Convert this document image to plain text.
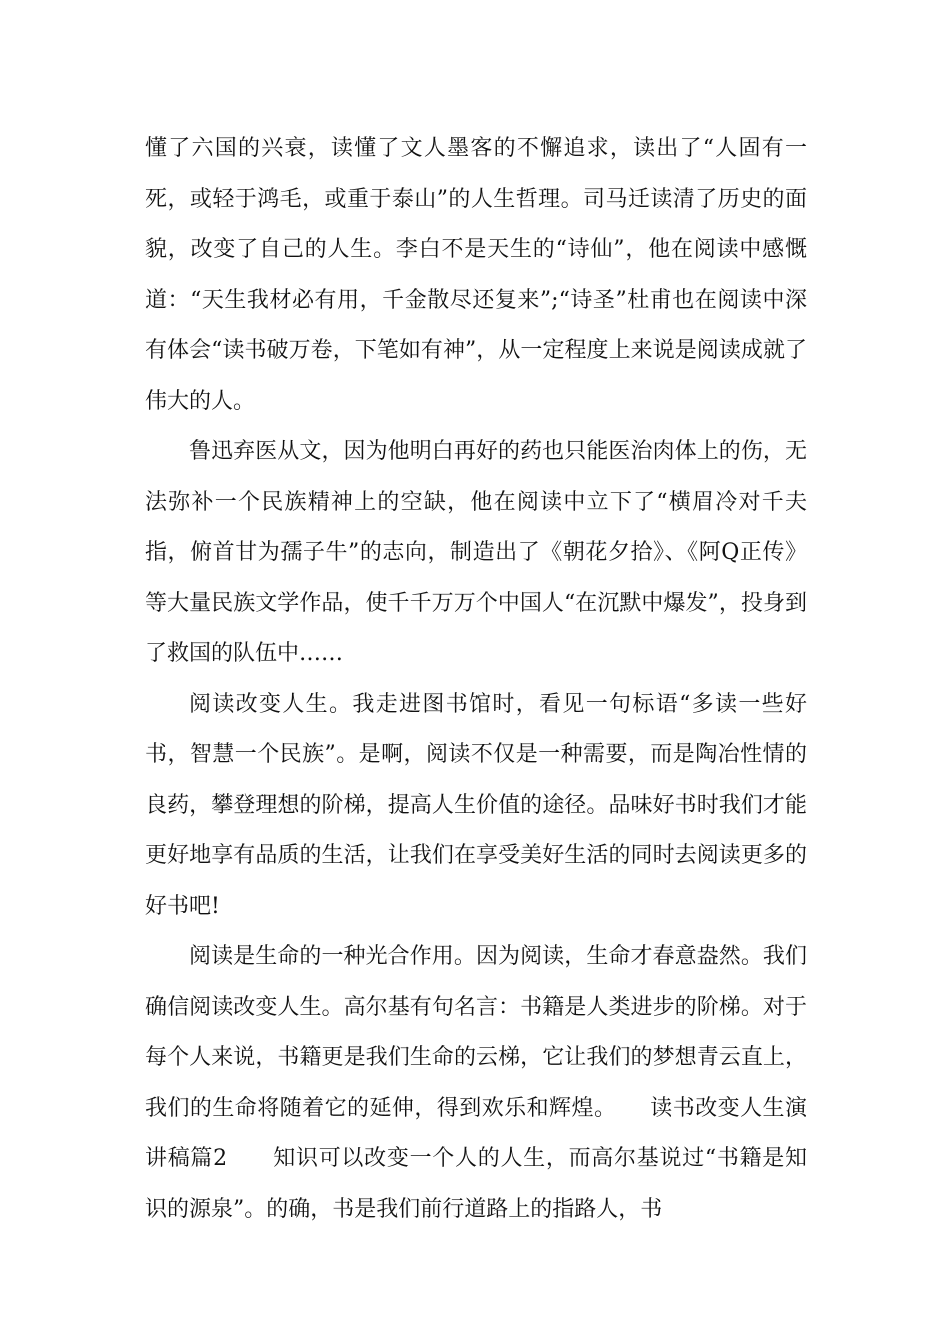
懂了六国的兴衰，读懂了文人墨客的不懈追求，读出了“人固有一死，或轻于鸿毛，或重于泰山”的人生哲理。司马迁读清了历史的面貌，改变了自己的人生。李白不是天生的“诗仙”，他在阅读中感慨道：“天生我材必有用，千金散尽还复来”;“诗圣”杜甫也在阅读中深有体会“读书破万卷，下笔如有神”，从一定程度上来说是阅读成就了伟大的人。

鲁迅弃医从文，因为他明白再好的药也只能医治肉体上的伤，无法弥补一个民族精神上的空缺，他在阅读中立下了“横眉冷对千夫指，俯首甘为孺子牛”的志向，制造出了《朝花夕拾》、《阿Q正传》等大量民族文学作品，使千千万万个中国人“在沉默中爆发”，投身到了救国的队伍中……

阅读改变人生。我走进图书馆时，看见一句标语“多读一些好书，智慧一个民族”。是啊，阅读不仅是一种需要，而是陶冶性情的良药，攀登理想的阶梯，提高人生价值的途径。品味好书时我们才能更好地享有品质的生活，让我们在享受美好生活的同时去阅读更多的好书吧!

阅读是生命的一种光合作用。因为阅读，生命才春意盎然。我们确信阅读改变人生。高尔基有句名言：书籍是人类进步的阶梯。对于每个人来说，书籍更是我们生命的云梯，它让我们的梦想青云直上，我们的生命将随着它的延伸，得到欢乐和辉煌。　　读书改变人生演讲稿篇2　　知识可以改变一个人的人生，而高尔基说过“书籍是知识的源泉”。的确，书是我们前行道路上的指路人，书
